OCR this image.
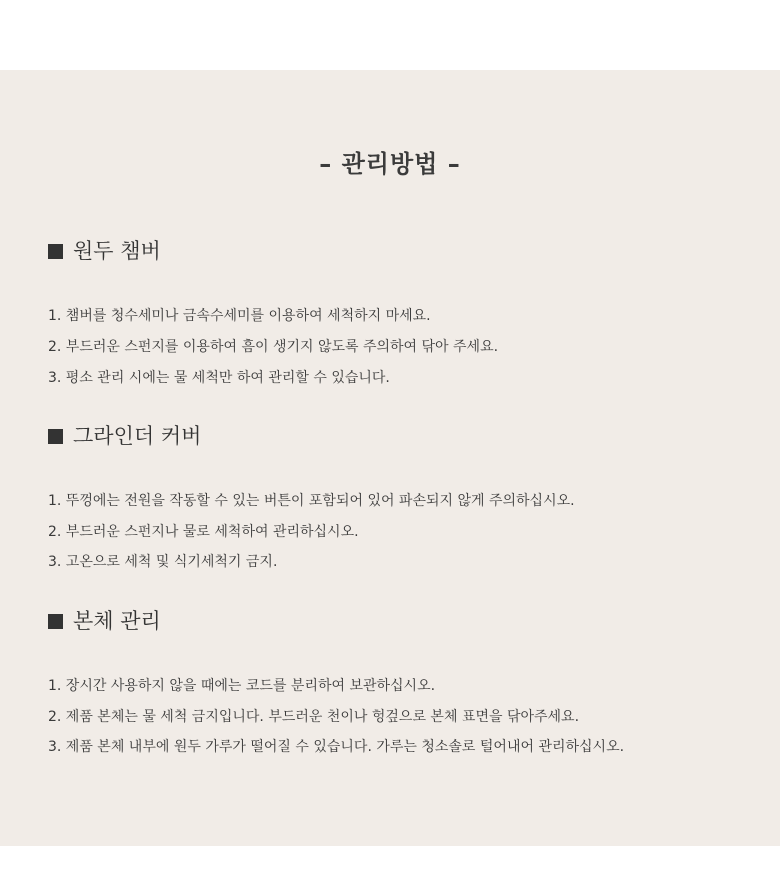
– 관리방법 –
원두 챔버
1. 챔버를 청수세미나 금속수세미를 이용하여 세척하지 마세요.
2. 부드러운 스펀지를 이용하여 흠이 생기지 않도록 주의하여 닦아 주세요.
3. 평소 관리 시에는 물 세척만 하여 관리할 수 있습니다.
그라인더 커버
1. 뚜껑에는 전원을 작동할 수 있는 버튼이 포함되어 있어 파손되지 않게 주의하십시오.
2. 부드러운 스펀지나 물로 세척하여 관리하십시오.
3. 고온으로 세척 및 식기세척기 금지.
본체 관리
1. 장시간 사용하지 않을 때에는 코드를 분리하여 보관하십시오.
2. 제품 본체는 물 세척 금지입니다. 부드러운 천이나 헝겊으로 본체 표면을 닦아주세요.
3. 제품 본체 내부에 원두 가루가 떨어질 수 있습니다. 가루는 청소솔로 털어내어 관리하십시오.
